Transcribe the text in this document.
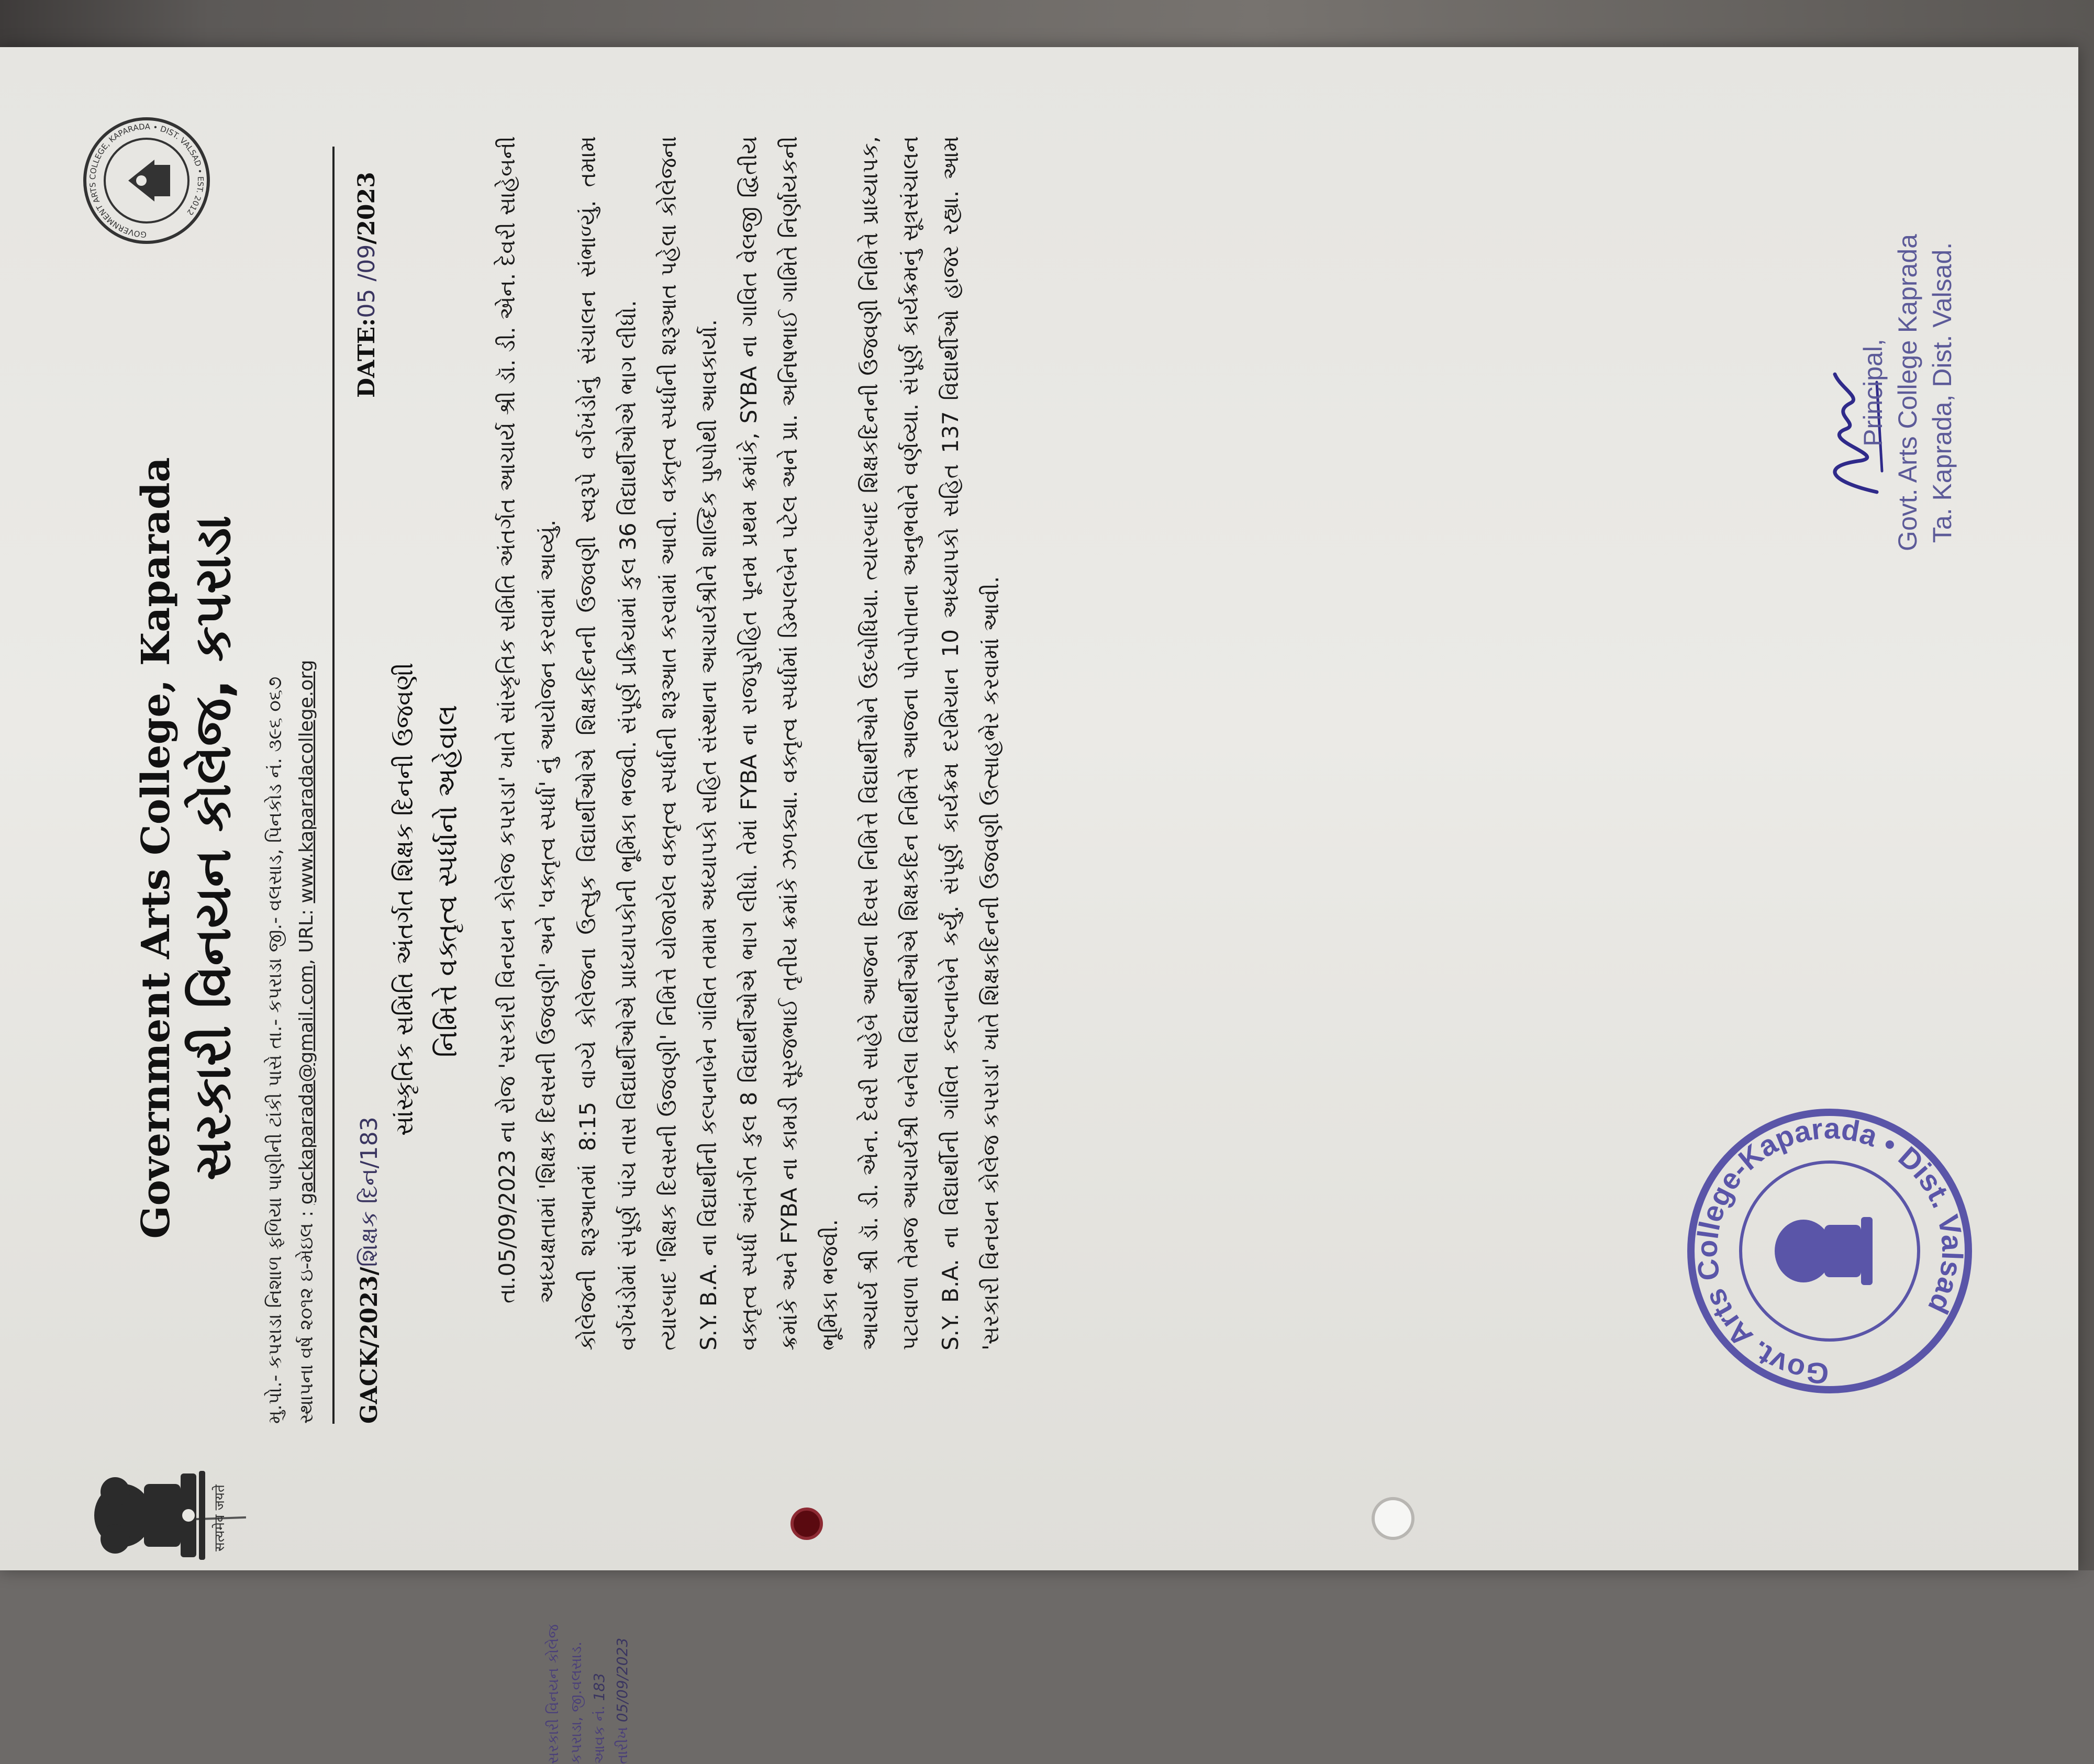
सत्यमेव जयते
GOVERNMENT ARTS COLLEGE, KAPARADA • DIST. VALSAD • EST. 2012
Government Arts College, Kaparada સરકારી વિનયન કોલેજ, કપરાડા મુ.પો.- કપરાડા નિશાળ ફળિયા પાણીની ટાંકી પાસે તા.- કપરાડા જી.- વલસાડ, પિનકોડ નં. ૩૯૬ ૦૬૭ સ્થાપના વર્ષ ૨૦૧૨ ઇ-મેઇલ : gackaparada@gmail.com, URL: www.kaparadacollege.org
GACK/2023/શિક્ષક દિન/183
DATE:05 /09/2023
સાંસ્કૃતિક સમિતિ અંતર્ગત શિક્ષક દિનની ઉજવણી નિમિત્તે વક્તૃત્વ સ્પર્ધાનો અહેવાલ	તા.05/09/2023 ના રોજ 'સરકારી વિનયન કોલેજ કપરાડા' ખાતે સાંસ્કૃતિક સમિતિ અંતર્ગત આચાર્ય શ્રી ડૉ. ડી. એન. દેવરી સાહેબની અધ્યક્ષતામાં 'શિક્ષક દિવસની ઉજવણી' અને 'વક્તૃત્વ સ્પર્ધા' નું આયોજન કરવામાં આવ્યું. કોલેજની શરૂઆતમાં 8:15 વાગ્યે કોલેજના ઉત્સુક વિદ્યાર્થીઓએ શિક્ષકદિનની ઉજવણી સ્વરૂપે વર્ગખંડોનું સંચાલન સંભાળ્યું. તમામ વર્ગખંડોમાં સંપૂર્ણ પાંચ તાસ વિદ્યાર્થીઓએ પ્રાધ્યાપકોની ભૂમિકા ભજવી. સંપૂર્ણ પ્રક્રિયામાં કુલ 36 વિદ્યાર્થીઓએ ભાગ લીધો. ત્યારબાદ 'શિક્ષક દિવસની ઉજવણી' નિમિત્તે યોજાયેલ વક્તૃત્વ સ્પર્ધાની શરૂઆત કરવામાં આવી. વક્તૃત્વ સ્પર્ધાની શરૂઆત પહેલા કોલેજના S.Y. B.A. ના વિદ્યાર્થીની કલ્પનાબેન ગાંવિત તમામ અધ્યાપકો સહિત સંસ્થાના આચાર્યશ્રીને શાબ્દિક પુષ્પોથી આવકાર્યા. વક્તૃત્વ સ્પર્ધા અંતર્ગત કુલ 8 વિદ્યાર્થીઓએ ભાગ લીધો. તેમાં FYBA ના રાજપુરોહિત પૂનમ પ્રથમ ક્રમાંકે, SYBA ના ગાવિત વેલજી દ્વિતીય ક્રમાંકે અને FYBA ના કામડી સૂરજભાઈ તૃતીય ક્રમાંકે ઝળક્યા. વક્તૃત્વ સ્પર્ધામાં ડિમ્પલબેન પટેલ અને પ્રા. અનિષભાઈ ગામિતે નિર્ણાયકની ભૂમિકા ભજવી. આચાર્ય શ્રી ડૉ. ડી. એન. દેવરી સાહેબે આજના દિવસ નિમિત્તે વિદ્યાર્થીઓને ઉદબોધિયા. ત્યારબાદ શિક્ષકદિનની ઉજવણી નિમિત્તે પ્રાધ્યાપક, પટાવાળા તેમજ આચાર્યશ્રી બનેલા વિદ્યાર્થીઓએ શિક્ષકદિન નિમિત્તે આજના પોતપોતાના અનુભવોને વર્ણવ્યા. સંપૂર્ણ કાર્યક્રમનું સૂત્રસંચાલન S.Y. B.A. ના વિદ્યાર્થીની ગાંવિત કલ્પનાબેને કર્યું. સંપૂર્ણ કાર્યક્રમ દરમિયાન 10 અધ્યાપકો સહિત 137 વિદ્યાર્થીઓ હાજર રહ્યા. આમ 'સરકારી વિનયન કોલેજ કપરાડા' ખાતે શિક્ષકદિનની ઉજવણી ઉત્સાહભેર કરવામાં આવી.

સરકારી વિનયન કોલેજ કપરાડા, જી.વલસાડ. આવક નં. 183
તારીખ 05/09/2023
Govt. Arts College-Kaparada • Dist. Valsad
Principal, Govt. Arts College Kaprada Ta. Kaprada, Dist. Valsad.
